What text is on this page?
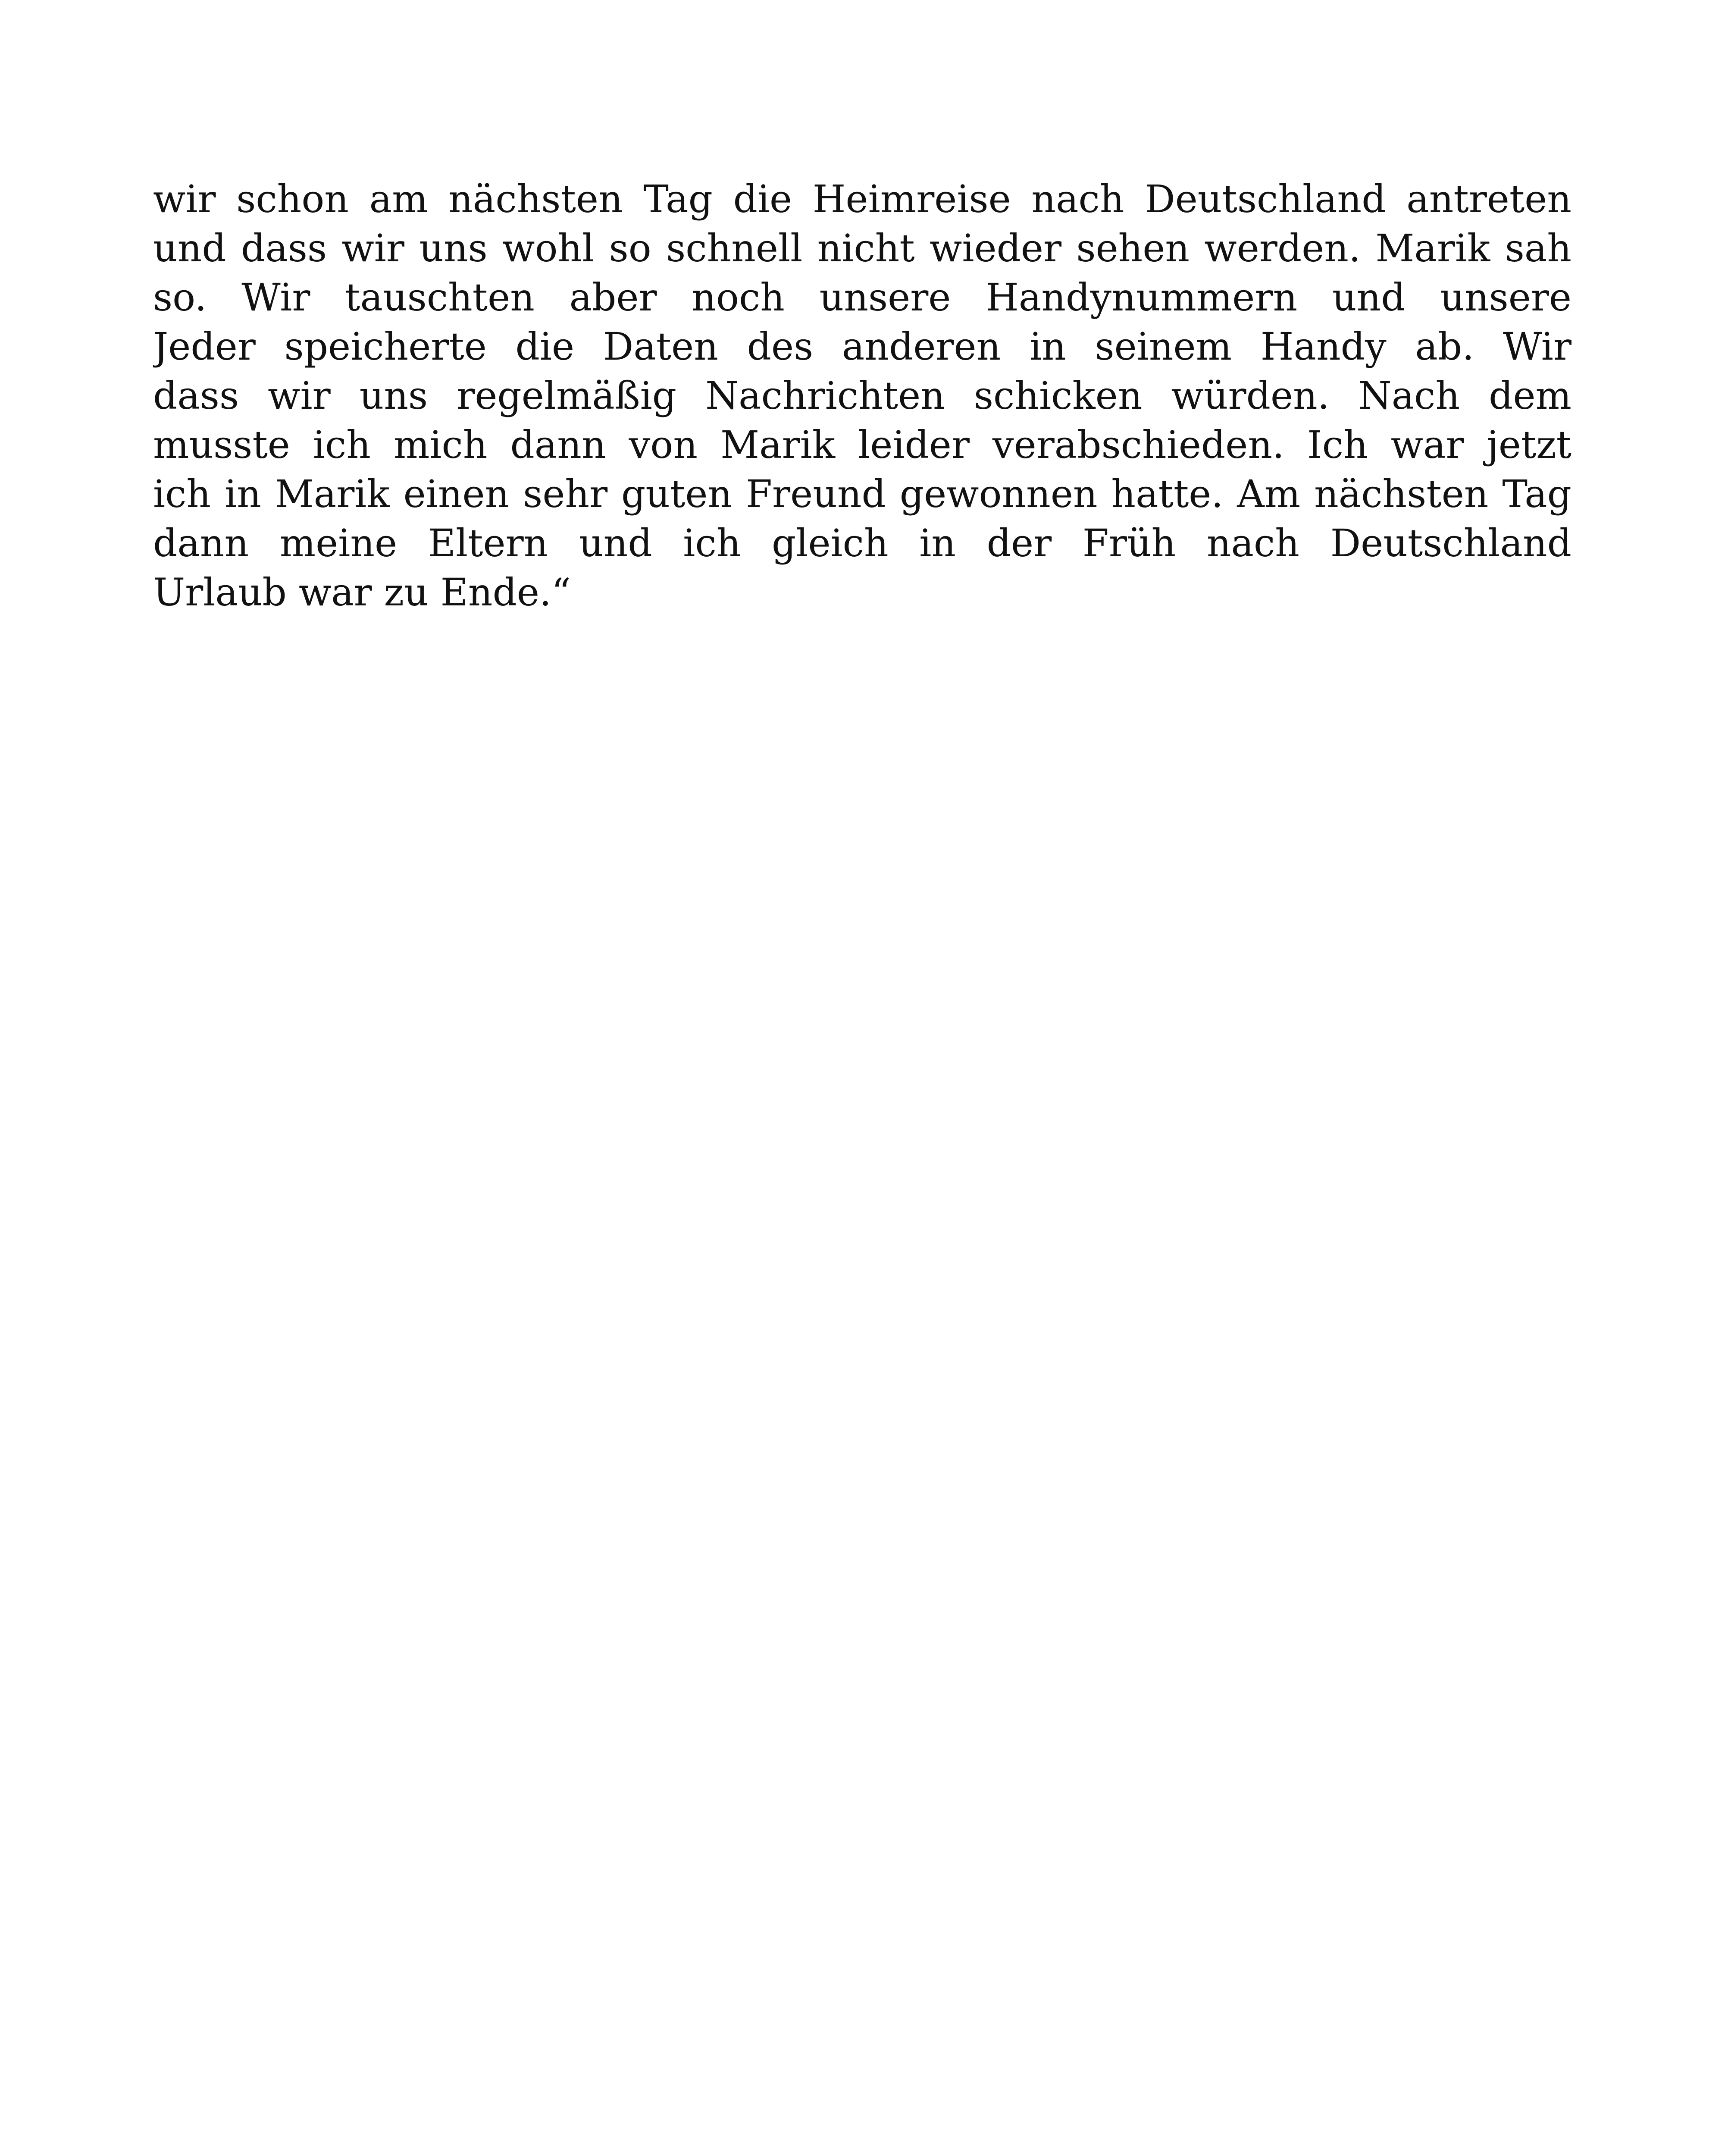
wir schon am nächsten Tag die Heimreise nach Deutschland antreten
und dass wir uns wohl so schnell nicht wieder sehen werden. Marik sah
so. Wir tauschten aber noch unsere Handynummern und unsere
Jeder speicherte die Daten des anderen in seinem Handy ab. Wir
dass wir uns regelmäßig Nachrichten schicken würden. Nach dem
musste ich mich dann von Marik leider verabschieden. Ich war jetzt
ich in Marik einen sehr guten Freund gewonnen hatte. Am nächsten Tag
dann meine Eltern und ich gleich in der Früh nach Deutschland
Urlaub war zu Ende.“
